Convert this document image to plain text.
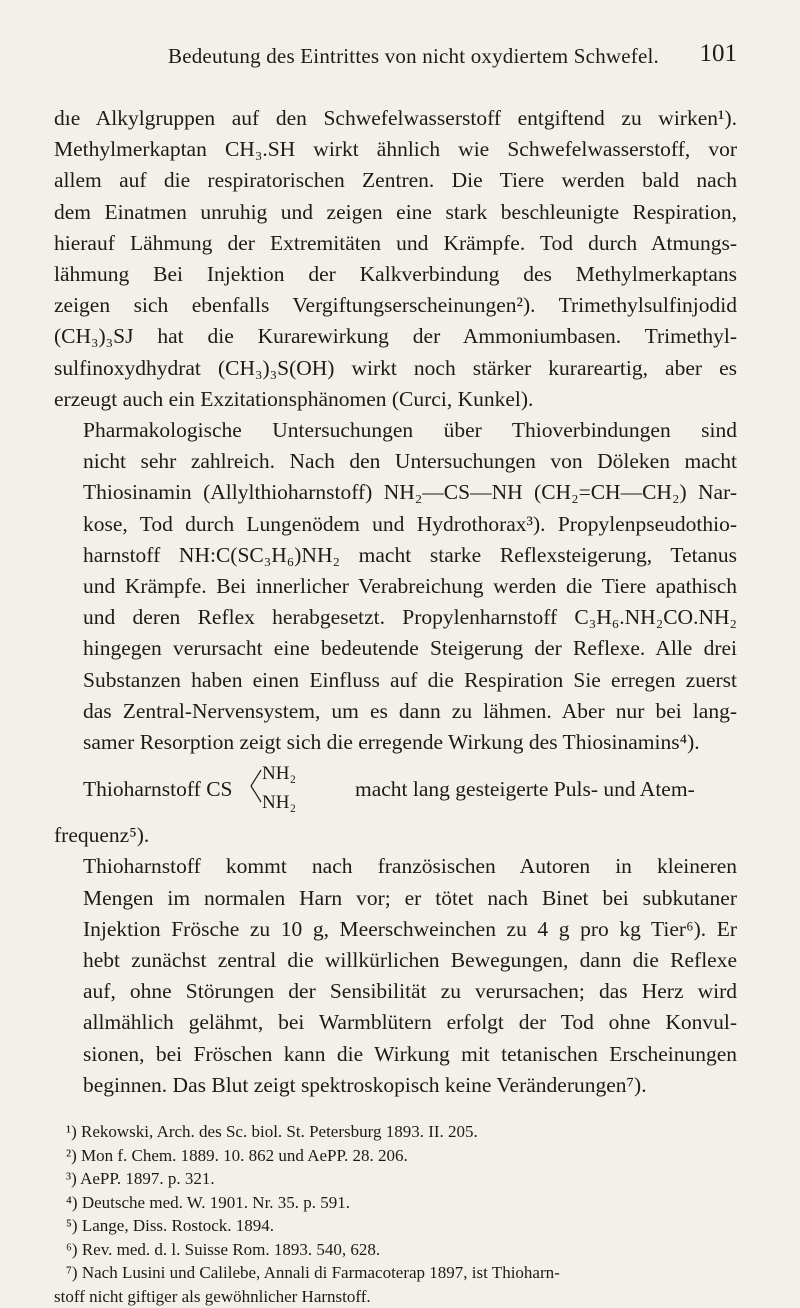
Bedeutung des Eintrittes von nicht oxydiertem Schwefel.	101

dıe Alkylgruppen auf den Schwefelwasserstoff entgiftend zu wirken¹).
Methylmerkaptan CH₃.SH wirkt ähnlich wie Schwefelwasserstoff, vor
allem auf die respiratorischen Zentren. Die Tiere werden bald nach
dem Einatmen unruhig und zeigen eine stark beschleunigte Respiration,
hierauf Lähmung der Extremitäten und Krämpfe. Tod durch Atmungs-
lähmung Bei Injektion der Kalkverbindung des Methylmerkaptans
zeigen sich ebenfalls Vergiftungserscheinungen²). Trimethylsulfinjodid
(CH₃)₃SJ hat die Kurarewirkung der Ammoniumbasen. Trimethyl-
sulfinoxydhydrat (CH₃)₃S(OH) wirkt noch stärker kurareartig, aber es
erzeugt auch ein Exzitationsphänomen (Curci, Kunkel).

Pharmakologische Untersuchungen über Thioverbindungen sind
nicht sehr zahlreich. Nach den Untersuchungen von Döleken macht
Thiosinamin (Allylthioharnstoff) NH₂—CS—NH (CH₂=CH—CH₂) Nar-
kose, Tod durch Lungenödem und Hydrothorax³). Propylenpseudothio-
harnstoff NH:C(SC₃H₆)NH₂ macht starke Reflexsteigerung, Tetanus
und Krämpfe. Bei innerlicher Verabreichung werden die Tiere apathisch
und deren Reflex herabgesetzt. Propylenharnstoff C₃H₆.NH₂CO.NH₂
hingegen verursacht eine bedeutende Steigerung der Reflexe. Alle drei
Substanzen haben einen Einfluss auf die Respiration Sie erregen zuerst
das Zentral-Nervensystem, um es dann zu lähmen. Aber nur bei lang-
samer Resorption zeigt sich die erregende Wirkung des Thiosinamins⁴).

Thioharnstoff CS
NH₂
NH₂
macht lang gesteigerte Puls- und Atem-

frequenz⁵).

Thioharnstoff kommt nach französischen Autoren in kleineren
Mengen im normalen Harn vor; er tötet nach Binet bei subkutaner
Injektion Frösche zu 10 g, Meerschweinchen zu 4 g pro kg Tier⁶). Er
hebt zunächst zentral die willkürlichen Bewegungen, dann die Reflexe
auf, ohne Störungen der Sensibilität zu verursachen; das Herz wird
allmählich gelähmt, bei Warmblütern erfolgt der Tod ohne Konvul-
sionen, bei Fröschen kann die Wirkung mit tetanischen Erscheinungen
beginnen. Das Blut zeigt spektroskopisch keine Veränderungen⁷).

¹) Rekowski, Arch. des Sc. biol. St. Petersburg 1893. II. 205.
²) Mon f. Chem. 1889. 10. 862 und AePP. 28. 206.
³) AePP. 1897. p. 321.
⁴) Deutsche med. W. 1901. Nr. 35. p. 591.
⁵) Lange, Diss. Rostock. 1894.
⁶) Rev. med. d. l. Suisse Rom. 1893. 540, 628.
⁷) Nach Lusini und Calilebe, Annali di Farmacoterap 1897, ist Thioharn-
stoff nicht giftiger als gewöhnlicher Harnstoff.
